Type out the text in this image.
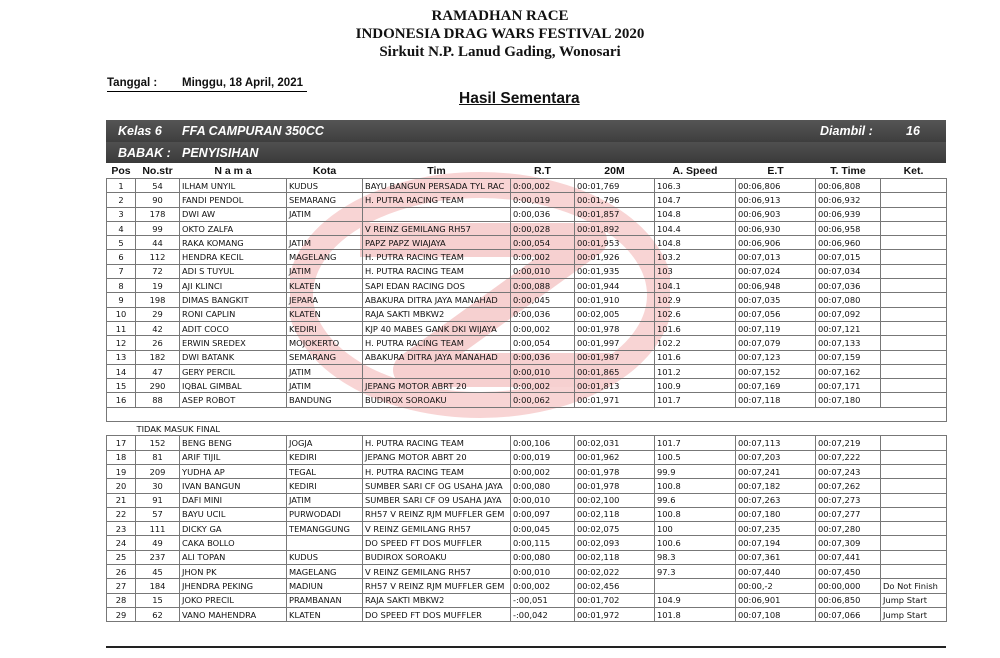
RAMADHAN RACE
INDONESIA DRAG WARS FESTIVAL 2020
Sirkuit N.P. Lanud Gading, Wonosari
Tanggal : Minggu, 18 April, 2021
Hasil Sementara
Kelas 6 FFA CAMPURAN 350CC	Diambil :	16
BABAK : PENYISIHAN
Pos	No.str	N a m a	Kota	Tim	R.T	20M	A. Speed	E.T	T. Time	Ket.
1	54	ILHAM UNYIL	KUDUS	BAYU BANGUN PERSADA TYL RAC	0:00,002	00:01,769	106.3	00:06,806	00:06,808	
2	90	FANDI PENDOL	SEMARANG	H. PUTRA RACING TEAM	0:00,019	00:01,796	104.7	00:06,913	00:06,932	
3	178	DWI AW	JATIM		0:00,036	00:01,857	104.8	00:06,903	00:06,939	
4	99	OKTO ZALFA		V REINZ GEMILANG RH57	0:00,028	00:01,892	104.4	00:06,930	00:06,958	
5	44	RAKA KOMANG	JATIM	PAPZ PAPZ WIAJAYA	0:00,054	00:01,953	104.8	00:06,906	00:06,960	
6	112	HENDRA KECIL	MAGELANG	H. PUTRA RACING TEAM	0:00,002	00:01,926	103.2	00:07,013	00:07,015	
7	72	ADI S TUYUL	JATIM	H. PUTRA RACING TEAM	0:00,010	00:01,935	103	00:07,024	00:07,034	
8	19	AJI KLINCI	KLATEN	SAPI EDAN RACING DOS	0:00,088	00:01,944	104.1	00:06,948	00:07,036	
9	198	DIMAS BANGKIT	JEPARA	ABAKURA DITRA JAYA MANAHAD	0:00,045	00:01,910	102.9	00:07,035	00:07,080	
10	29	RONI CAPLIN	KLATEN	RAJA SAKTI MBKW2	0:00,036	00:02,005	102.6	00:07,056	00:07,092	
11	42	ADIT COCO	KEDIRI	KJP 40 MABES GANK DKI WIJAYA	0:00,002	00:01,978	101.6	00:07,119	00:07,121	
12	26	ERWIN SREDEX	MOJOKERTO	H. PUTRA RACING TEAM	0:00,054	00:01,997	102.2	00:07,079	00:07,133	
13	182	DWI BATANK	SEMARANG	ABAKURA DITRA JAYA MANAHAD	0:00,036	00:01,987	101.6	00:07,123	00:07,159	
14	47	GERY PERCIL	JATIM		0:00,010	00:01,865	101.2	00:07,152	00:07,162	
15	290	IQBAL GIMBAL	JATIM	JEPANG MOTOR ABRT 20	0:00,002	00:01,813	100.9	00:07,169	00:07,171	
16	88	ASEP ROBOT	BANDUNG	BUDIROX SOROAKU	0:00,062	00:01,971	101.7	00:07,118	00:07,180	

TIDAK MASUK FINAL										
17	152	BENG BENG	JOGJA	H. PUTRA RACING TEAM	0:00,106	00:02,031	101.7	00:07,113	00:07,219	
18	81	ARIF TIJIL	KEDIRI	JEPANG MOTOR ABRT 20	0:00,019	00:01,962	100.5	00:07,203	00:07,222	
19	209	YUDHA AP	TEGAL	H. PUTRA RACING TEAM	0:00,002	00:01,978	99.9	00:07,241	00:07,243	
20	30	IVAN BANGUN	KEDIRI	SUMBER SARI CF OG USAHA JAYA	0:00,080	00:01,978	100.8	00:07,182	00:07,262	
21	91	DAFI MINI	JATIM	SUMBER SARI CF O9 USAHA JAYA	0:00,010	00:02,100	99.6	00:07,263	00:07,273	
22	57	BAYU UCIL	PURWODADI	RH57 V REINZ RJM MUFFLER GEM	0:00,097	00:02,118	100.8	00:07,180	00:07,277	
23	111	DICKY GA	TEMANGGUNG	V REINZ GEMILANG RH57	0:00,045	00:02,075	100	00:07,235	00:07,280	
24	49	CAKA BOLLO		DO SPEED FT DOS MUFFLER	0:00,115	00:02,093	100.6	00:07,194	00:07,309	
25	237	ALI TOPAN	KUDUS	BUDIROX SOROAKU	0:00,080	00:02,118	98.3	00:07,361	00:07,441	
26	45	JHON PK	MAGELANG	V REINZ GEMILANG RH57	0:00,010	00:02,022	97.3	00:07,440	00:07,450	
27	184	JHENDRA PEKING	MADIUN	RH57 V REINZ RJM MUFFLER GEM	0:00,002	00:02,456		00:00,-2	00:00,000	Do Not Finish
28	15	JOKO PRECIL	PRAMBANAN	RAJA SAKTI MBKW2	-:00,051	00:01,702	104.9	00:06,901	00:06,850	Jump Start
29	62	VANO MAHENDRA	KLATEN	DO SPEED FT DOS MUFFLER	-:00,042	00:01,972	101.8	00:07,108	00:07,066	Jump Start
